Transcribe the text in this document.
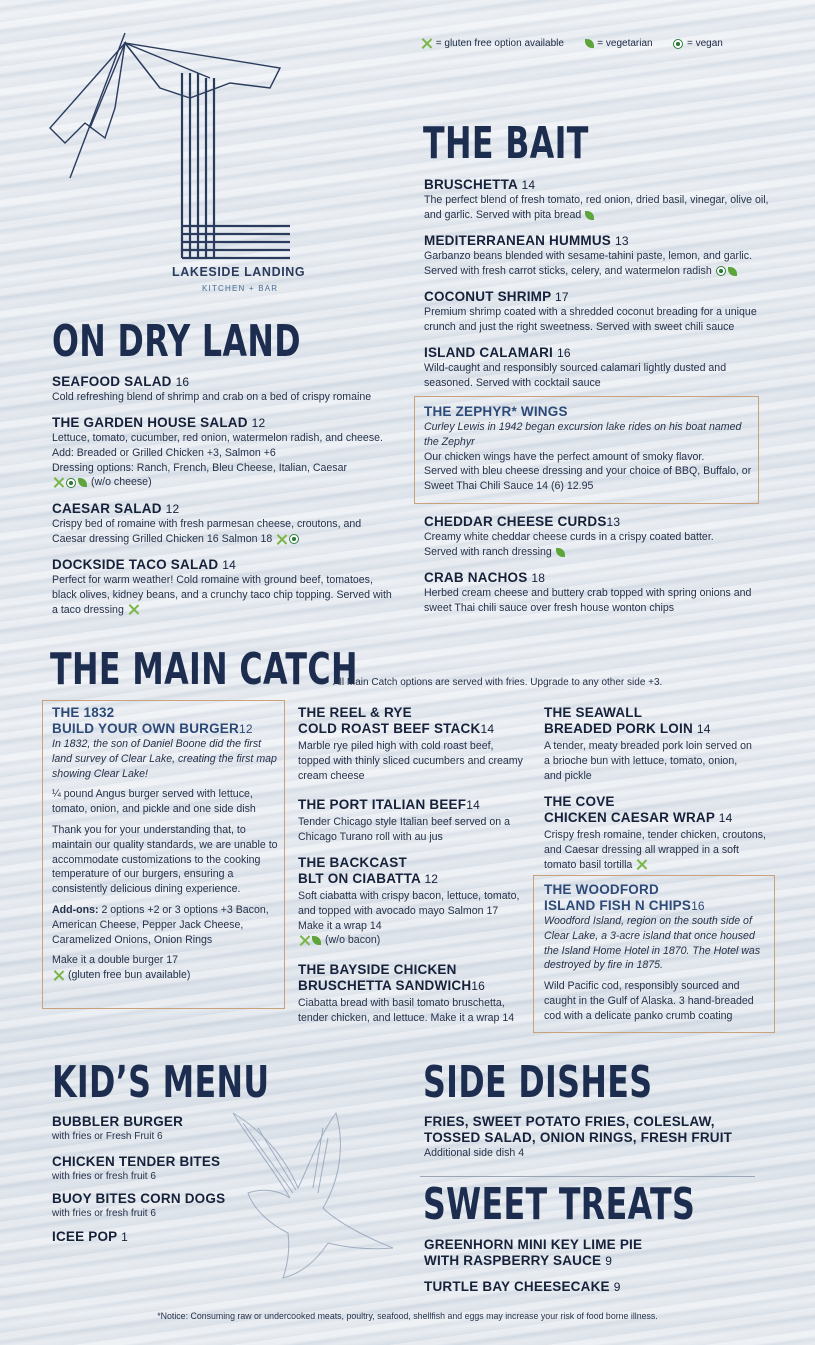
= gluten free option available	= vegetarian	= vegan
LAKESIDE LANDING
KITCHEN + BAR
THE BAIT
BRUSCHETTA 14
The perfect blend of fresh tomato, red onion, dried basil, vinegar, olive oil, and garlic. Served with pita bread
MEDITERRANEAN HUMMUS 13
Garbanzo beans blended with sesame-tahini paste, lemon, and garlic. Served with fresh carrot sticks, celery, and watermelon radish
COCONUT SHRIMP 17
Premium shrimp coated with a shredded coconut breading for a unique crunch and just the right sweetness. Served with sweet chili sauce
ISLAND CALAMARI 16
Wild-caught and responsibly sourced calamari lightly dusted and seasoned. Served with cocktail sauce
THE ZEPHYR* WINGS
Curley Lewis in 1942 began excursion lake rides on his boat named the Zephyr
Our chicken wings have the perfect amount of smoky flavor.
Served with bleu cheese dressing and your choice of BBQ, Buffalo, or Sweet Thai Chili Sauce 14 (6) 12.95
CHEDDAR CHEESE CURDS13
Creamy white cheddar cheese curds in a crispy coated batter. Served with ranch dressing
CRAB NACHOS 18
Herbed cream cheese and buttery crab topped with spring onions and sweet Thai chili sauce over fresh house wonton chips
ON DRY LAND
SEAFOOD SALAD 16
Cold refreshing blend of shrimp and crab on a bed of crispy romaine
THE GARDEN HOUSE SALAD 12
Lettuce, tomato, cucumber, red onion, watermelon radish, and cheese.
Add: Breaded or Grilled Chicken +3, Salmon +6
Dressing options: Ranch, French, Bleu Cheese, Italian, Caesar
(w/o cheese)
CAESAR SALAD 12
Crispy bed of romaine with fresh parmesan cheese, croutons, and Caesar dressing Grilled Chicken 16 Salmon 18
DOCKSIDE TACO SALAD 14
Perfect for warm weather! Cold romaine with ground beef, tomatoes, black olives, kidney beans, and a crunchy taco chip topping. Served with a taco dressing
THE MAIN CATCH
All Main Catch options are served with fries. Upgrade to any other side +3.
THE 1832
BUILD YOUR OWN BURGER12
In 1832, the son of Daniel Boone did the first land survey of Clear Lake, creating the first map showing Clear Lake!
¼ pound Angus burger served with lettuce, tomato, onion, and pickle and one side dish
Thank you for your understanding that, to maintain our quality standards, we are unable to accommodate customizations to the cooking temperature of our burgers, ensuring a consistently delicious dining experience.
Add-ons: 2 options +2 or 3 options +3 Bacon, American Cheese, Pepper Jack Cheese, Caramelized Onions, Onion Rings
Make it a double burger 17
(gluten free bun available)
THE REEL & RYE
COLD ROAST BEEF STACK14
Marble rye piled high with cold roast beef, topped with thinly sliced cucumbers and creamy cream cheese
THE PORT ITALIAN BEEF14
Tender Chicago style Italian beef served on a Chicago Turano roll with au jus
THE BACKCAST
BLT ON CIABATTA 12
Soft ciabatta with crispy bacon, lettuce, tomato, and topped with avocado mayo Salmon 17 Make it a wrap 14
(w/o bacon)
THE BAYSIDE CHICKEN
BRUSCHETTA SANDWICH16
Ciabatta bread with basil tomato bruschetta, tender chicken, and lettuce. Make it a wrap 14
THE SEAWALL
BREADED PORK LOIN 14
A tender, meaty breaded pork loin served on a brioche bun with lettuce, tomato, onion, and pickle
THE COVE
CHICKEN CAESAR WRAP 14
Crispy fresh romaine, tender chicken, croutons, and Caesar dressing all wrapped in a soft tomato basil tortilla
THE WOODFORD
ISLAND FISH N CHIPS16
Woodford Island, region on the south side of Clear Lake, a 3-acre island that once housed the Island Home Hotel in 1870. The Hotel was destroyed by fire in 1875.
Wild Pacific cod, responsibly sourced and caught in the Gulf of Alaska. 3 hand-breaded cod with a delicate panko crumb coating
KID’S MENU
BUBBLER BURGER
with fries or Fresh Fruit 6
CHICKEN TENDER BITES
with fries or fresh fruit 6
BUOY BITES CORN DOGS
with fries or fresh fruit 6
ICEE POP 1
SIDE DISHES
FRIES, SWEET POTATO FRIES, COLESLAW,
TOSSED SALAD, ONION RINGS, FRESH FRUIT
Additional side dish 4
SWEET TREATS
GREENHORN MINI KEY LIME PIE
WITH RASPBERRY SAUCE 9
TURTLE BAY CHEESECAKE 9
*Notice: Consuming raw or undercooked meats, poultry, seafood, shellfish and eggs may increase your risk of food borne illness.
